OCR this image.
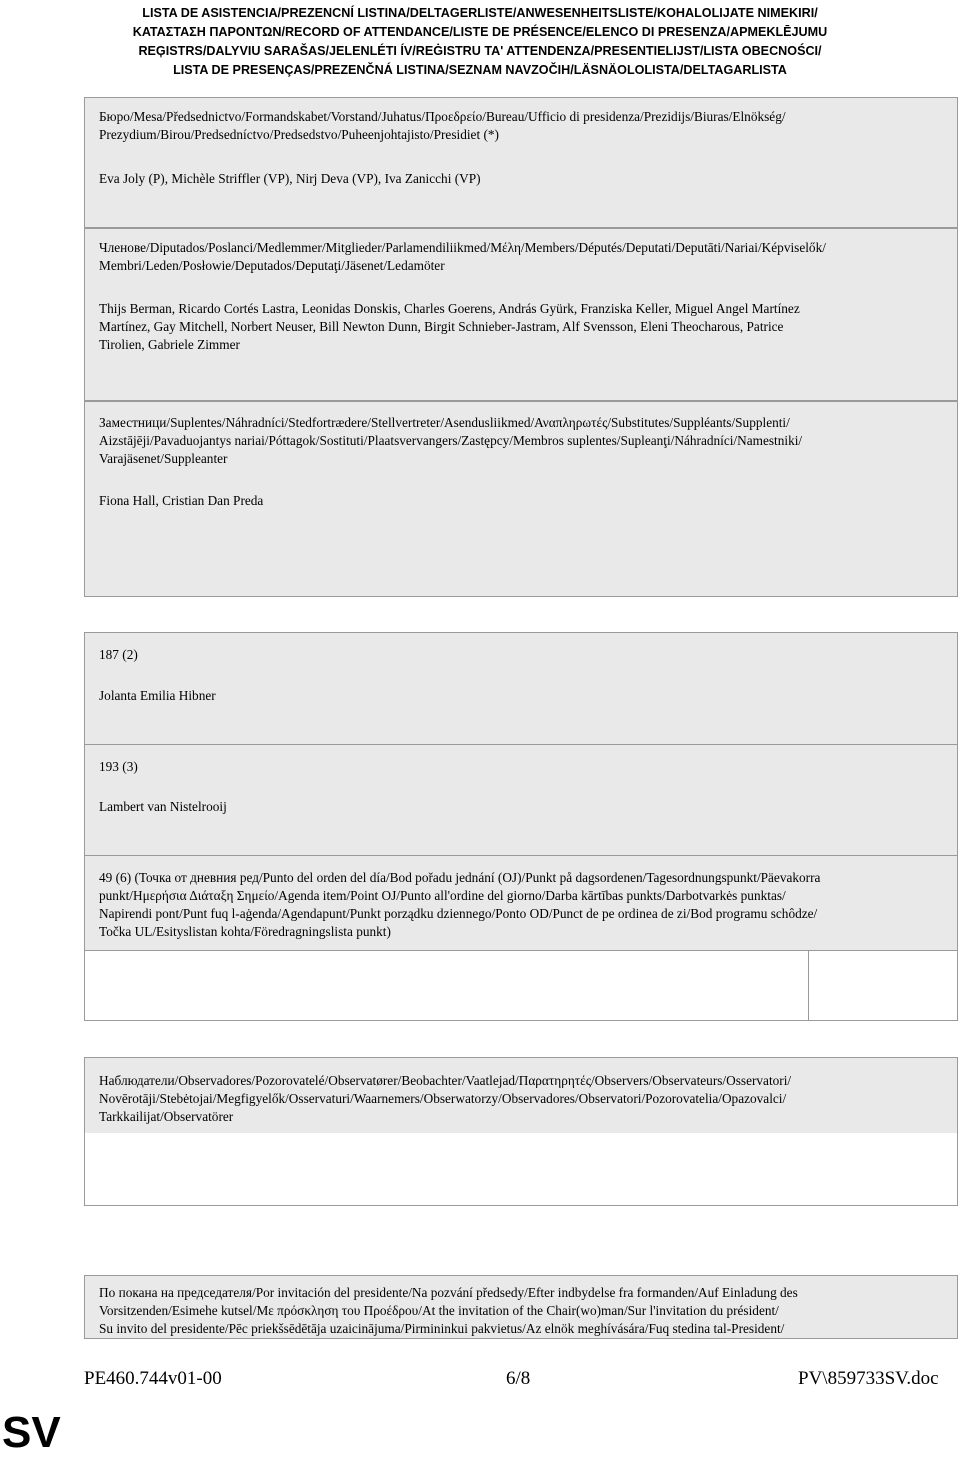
LISTA DE ASISTENCIA/PREZENCNÍ LISTINA/DELTAGERLISTE/ANWESENHEITSLISTE/KOHALOLIJATE NIMEKIRI/
ΚΑΤΑΣΤΑΣΗ ΠΑΡΟΝΤΩΝ/RECORD OF ATTENDANCE/LISTE DE PRÉSENCE/ELENCO DI PRESENZA/APMEKLĒJUMU
REĢISTRS/DALYVIU SARAŠAS/JELENLÉTI ÍV/REĠISTRU TA' ATTENDENZA/PRESENTIELIJST/LISTA OBECNOŚCI/
LISTA DE PRESENÇAS/PREZENČNÁ LISTINA/SEZNAM NAVZOČIH/LÄSNÄOLOLISTA/DELTAGARLISTA
Бюро/Mesa/Předsednictvo/Formandskabet/Vorstand/Juhatus/Προεδρείο/Bureau/Ufficio di presidenza/Prezidijs/Biuras/Elnökség/
Prezydium/Birou/Predsedníctvo/Predsedstvo/Puheenjohtajisto/Presidiet (*)
Eva Joly (P), Michèle Striffler (VP), Nirj Deva (VP), Iva Zanicchi (VP)
Членове/Diputados/Poslanci/Medlemmer/Mitglieder/Parlamendiliikmed/Μέλη/Members/Députés/Deputati/Deputāti/Nariai/Képviselők/
Membri/Leden/Posłowie/Deputados/Deputaţi/Jäsenet/Ledamöter
Thijs Berman, Ricardo Cortés Lastra, Leonidas Donskis, Charles Goerens, András Gyürk, Franziska Keller, Miguel Angel Martínez
Martínez, Gay Mitchell, Norbert Neuser, Bill Newton Dunn, Birgit Schnieber-Jastram, Alf Svensson, Eleni Theocharous, Patrice
Tirolien, Gabriele Zimmer
Заместници/Suplentes/Náhradníci/Stedfortrædere/Stellvertreter/Asendusliikmed/Αναπληρωτές/Substitutes/Suppléants/Supplenti/
Aizstājēji/Pavaduojantys nariai/Póttagok/Sostituti/Plaatsvervangers/Zastępcy/Membros suplentes/Supleanţi/Náhradníci/Namestniki/
Varajäsenet/Suppleanter
Fiona Hall, Cristian Dan Preda
187 (2)
Jolanta Emilia Hibner
193 (3)
Lambert van Nistelrooij
49 (6) (Точка от дневния ред/Punto del orden del día/Bod pořadu jednání (OJ)/Punkt på dagsordenen/Tagesordnungspunkt/Päevakorra
punkt/Ημερήσια Διάταξη Σημείο/Agenda item/Point OJ/Punto all'ordine del giorno/Darba kārtības punkts/Darbotvarkės punktas/
Napirendi pont/Punt fuq l-aġenda/Agendapunt/Punkt porządku dziennego/Ponto OD/Punct de pe ordinea de zi/Bod programu schôdze/
Točka UL/Esityslistan kohta/Föredragningslista punkt)
Наблюдатели/Observadores/Pozorovatelé/Observatører/Beobachter/Vaatlejad/Παρατηρητές/Observers/Observateurs/Osservatori/
Novērotāji/Stebėtojai/Megfigyelők/Osservaturi/Waarnemers/Obserwatorzy/Observadores/Observatori/Pozorovatelia/Opazovalci/
Tarkkailijat/Observatörer
По покана на председателя/Por invitación del presidente/Na pozvání předsedy/Efter indbydelse fra formanden/Auf Einladung des
Vorsitzenden/Esimehe kutsel/Με πρόσκληση του Προέδρου/At the invitation of the Chair(wo)man/Sur l'invitation du président/
Su invito del presidente/Pēc priekšsēdētāja uzaicinājuma/Pirmininkui pakvietus/Az elnök meghívására/Fuq stedina tal-President/
PE460.744v01-00	6/8	PV\859733SV.doc
SV
